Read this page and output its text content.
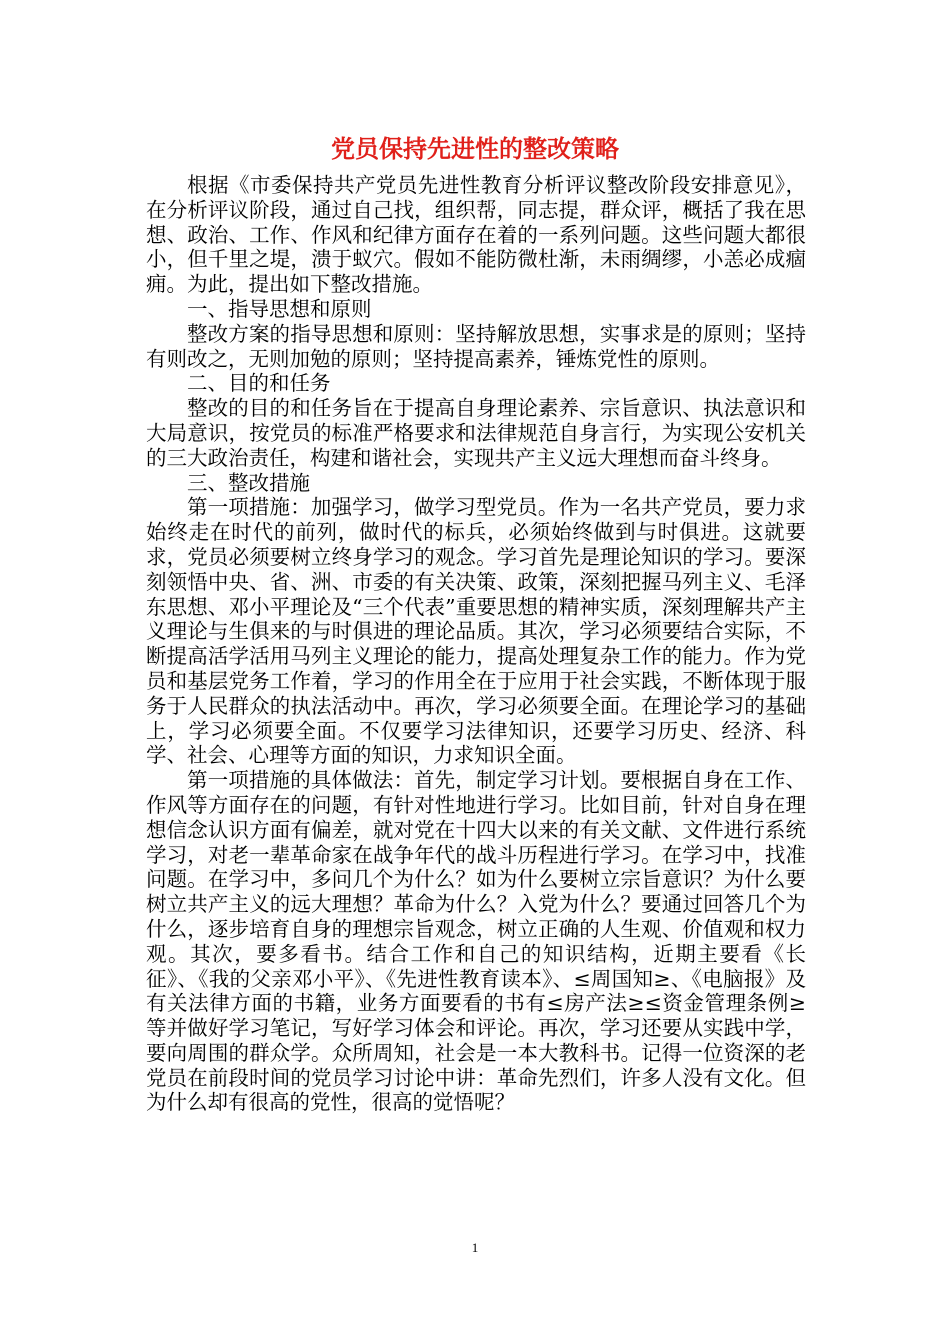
党员保持先进性的整改策略

根据《市委保持共产党员先进性教育分析评议整改阶段安排意见》，在分析评议阶段，通过自己找，组织帮，同志提，群众评，概括了我在思想、政治、工作、作风和纪律方面存在着的一系列问题。这些问题大都很小，但千里之堤，溃于蚁穴。假如不能防微杜渐，未雨绸缪，小恙必成痼痈。为此，提出如下整改措施。

一、指导思想和原则

整改方案的指导思想和原则：坚持解放思想，实事求是的原则；坚持有则改之，无则加勉的原则；坚持提高素养，锤炼党性的原则。

二、目的和任务

整改的目的和任务旨在于提高自身理论素养、宗旨意识、执法意识和大局意识，按党员的标准严格要求和法律规范自身言行，为实现公安机关的三大政治责任，构建和谐社会，实现共产主义远大理想而奋斗终身。

三、整改措施

第一项措施：加强学习，做学习型党员。作为一名共产党员，要力求始终走在时代的前列，做时代的标兵，必须始终做到与时俱进。这就要求，党员必须要树立终身学习的观念。学习首先是理论知识的学习。要深刻领悟中央、省、洲、市委的有关决策、政策，深刻把握马列主义、毛泽东思想、邓小平理论及“三个代表”重要思想的精神实质，深刻理解共产主义理论与生俱来的与时俱进的理论品质。其次，学习必须要结合实际，不断提高活学活用马列主义理论的能力，提高处理复杂工作的能力。作为党员和基层党务工作着，学习的作用全在于应用于社会实践，不断体现于服务于人民群众的执法活动中。再次，学习必须要全面。在理论学习的基础上，学习必须要全面。不仅要学习法律知识，还要学习历史、经济、科学、社会、心理等方面的知识，力求知识全面。

第一项措施的具体做法：首先，制定学习计划。要根据自身在工作、作风等方面存在的问题，有针对性地进行学习。比如目前，针对自身在理想信念认识方面有偏差，就对党在十四大以来的有关文献、文件进行系统学习，对老一辈革命家在战争年代的战斗历程进行学习。在学习中，找准问题。在学习中，多问几个为什么？如为什么要树立宗旨意识？为什么要树立共产主义的远大理想？革命为什么？入党为什么？要通过回答几个为什么，逐步培育自身的理想宗旨观念，树立正确的人生观、价值观和权力观。其次，要多看书。结合工作和自己的知识结构，近期主要看《长征》、《我的父亲邓小平》、《先进性教育读本》、≤周国知≥、《电脑报》及有关法律方面的书籍，业务方面要看的书有≤房产法≥≤资金管理条例≥等并做好学习笔记，写好学习体会和评论。再次，学习还要从实践中学，要向周围的群众学。众所周知，社会是一本大教科书。记得一位资深的老党员在前段时间的党员学习讨论中讲：革命先烈们，许多人没有文化。但为什么却有很高的党性，很高的觉悟呢？

1
